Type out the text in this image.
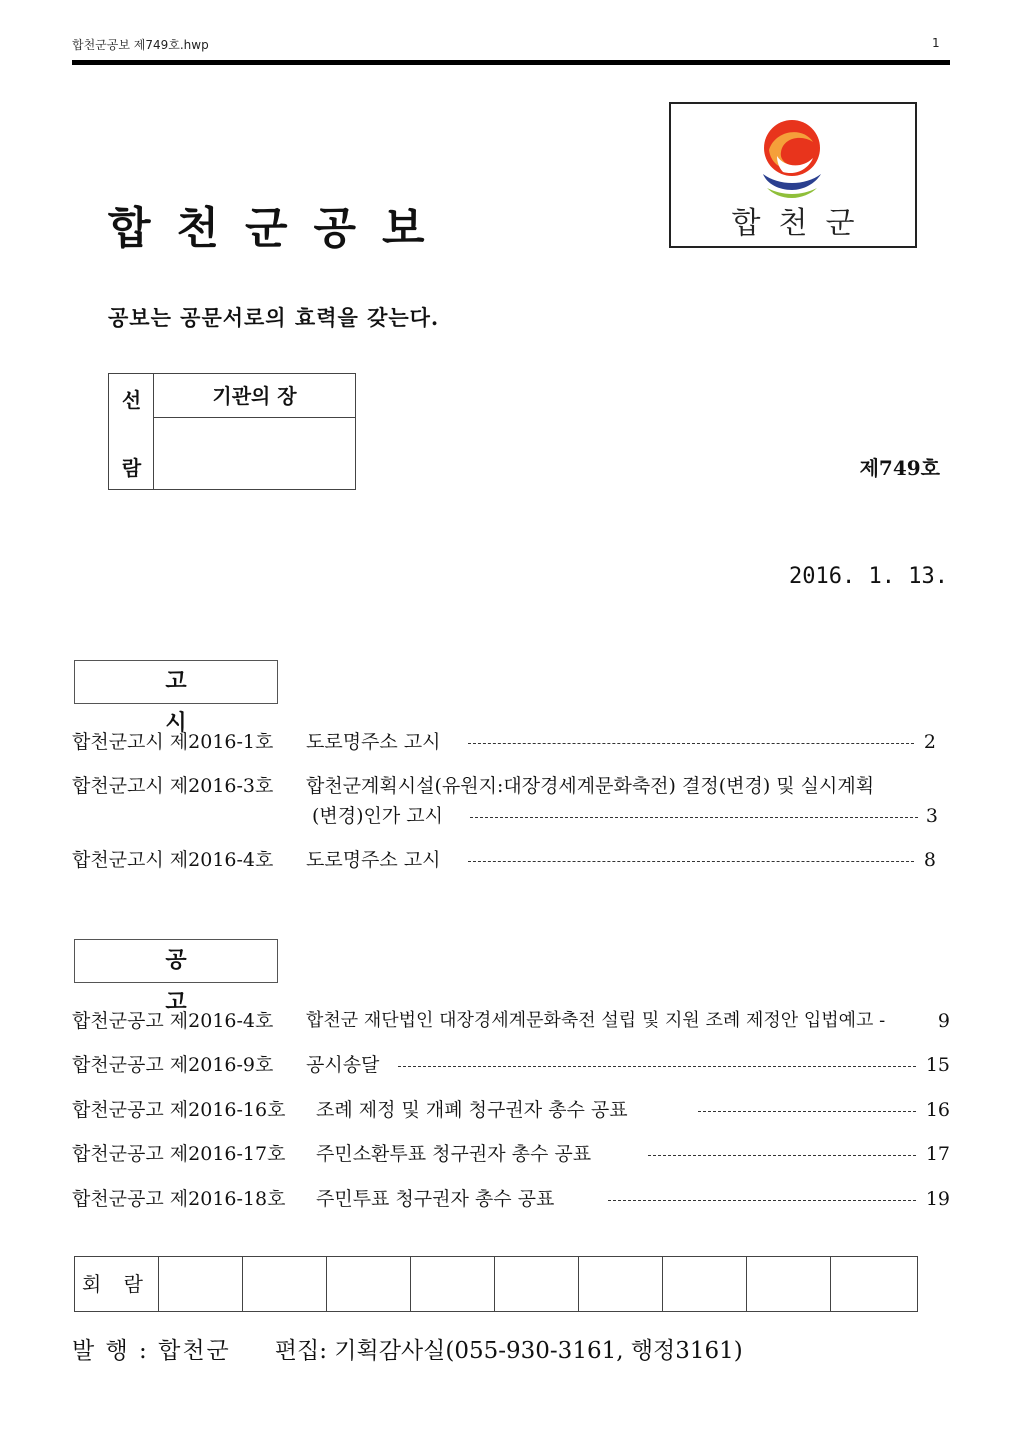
합천군공보 제749호.hwp	1
합천군공보	합천군
공보는 공문서로의 효력을 갖는다.
선
람
기관의 장
제749호
2016. 1. 13.
고 시
합천군고시 제2016-1호 도로명주소 고시	2
합천군고시 제2016-3호 합천군계획시설(유원지:대장경세계문화축전) 결정(변경) 및 실시계획
(변경)인가 고시	3
합천군고시 제2016-4호 도로명주소 고시	8
공 고
합천군공고 제2016-4호 합천군 재단법인 대장경세계문화축전 설립 및 지원 조례 제정안 입법예고 -	9
합천군공고 제2016-9호 공시송달	15
합천군공고 제2016-16호 조례 제정 및 개폐 청구권자 총수 공표	16
합천군공고 제2016-17호 주민소환투표 청구권자 총수 공표	17
합천군공고 제2016-18호 주민투표 청구권자 총수 공표	19
회 람
발 행 : 합천군 편집: 기획감사실(055-930-3161, 행정3161)
